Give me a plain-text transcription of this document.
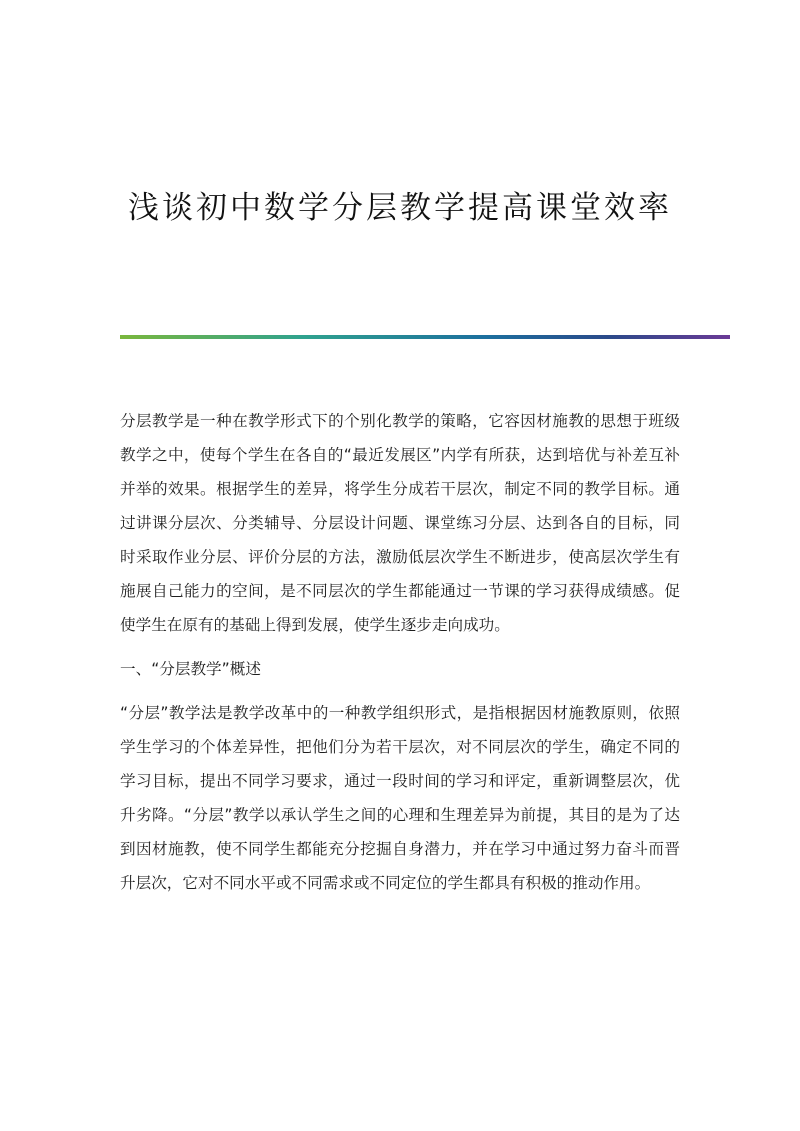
浅谈初中数学分层教学提高课堂效率

分层教学是一种在教学形式下的个别化教学的策略，它容因材施教的思想于班级教学之中，使每个学生在各自的“最近发展区”内学有所获，达到培优与补差互补并举的效果。根据学生的差异，将学生分成若干层次，制定不同的教学目标。通过讲课分层次、分类辅导、分层设计问题、课堂练习分层、达到各自的目标，同时采取作业分层、评价分层的方法，激励低层次学生不断进步，使高层次学生有施展自己能力的空间，是不同层次的学生都能通过一节课的学习获得成绩感。促使学生在原有的基础上得到发展，使学生逐步走向成功。

一、“分层教学”概述

“分层”教学法是教学改革中的一种教学组织形式，是指根据因材施教原则，依照学生学习的个体差异性，把他们分为若干层次，对不同层次的学生，确定不同的学习目标，提出不同学习要求，通过一段时间的学习和评定，重新调整层次，优升劣降。“分层”教学以承认学生之间的心理和生理差异为前提，其目的是为了达到因材施教，使不同学生都能充分挖掘自身潜力，并在学习中通过努力奋斗而晋升层次，它对不同水平或不同需求或不同定位的学生都具有积极的推动作用。
